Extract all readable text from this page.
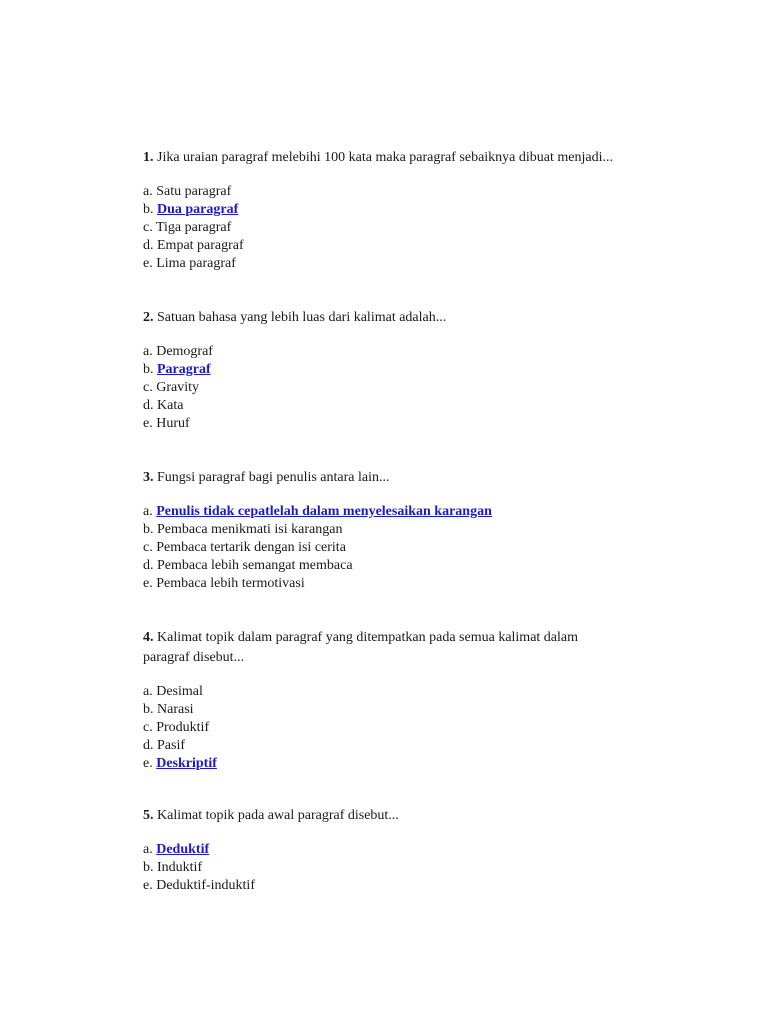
1. Jika uraian paragraf melebihi 100 kata maka paragraf sebaiknya dibuat menjadi...

a. Satu paragraf
b. Dua paragraf
c. Tiga paragraf
d. Empat paragraf
e. Lima paragraf

2. Satuan bahasa yang lebih luas dari kalimat adalah...

a. Demograf
b. Paragraf
c. Gravity
d. Kata
e. Huruf

3. Fungsi paragraf bagi penulis antara lain...

a. Penulis tidak cepatlelah dalam menyelesaikan karangan
b. Pembaca menikmati isi karangan
c. Pembaca tertarik dengan isi cerita
d. Pembaca lebih semangat membaca
e. Pembaca lebih termotivasi

4. Kalimat topik dalam paragraf yang ditempatkan pada semua kalimat dalam
paragraf disebut...

a. Desimal
b. Narasi
c. Produktif
d. Pasif
e. Deskriptif

5. Kalimat topik pada awal paragraf disebut...

a. Deduktif
b. Induktif
e. Deduktif-induktif
